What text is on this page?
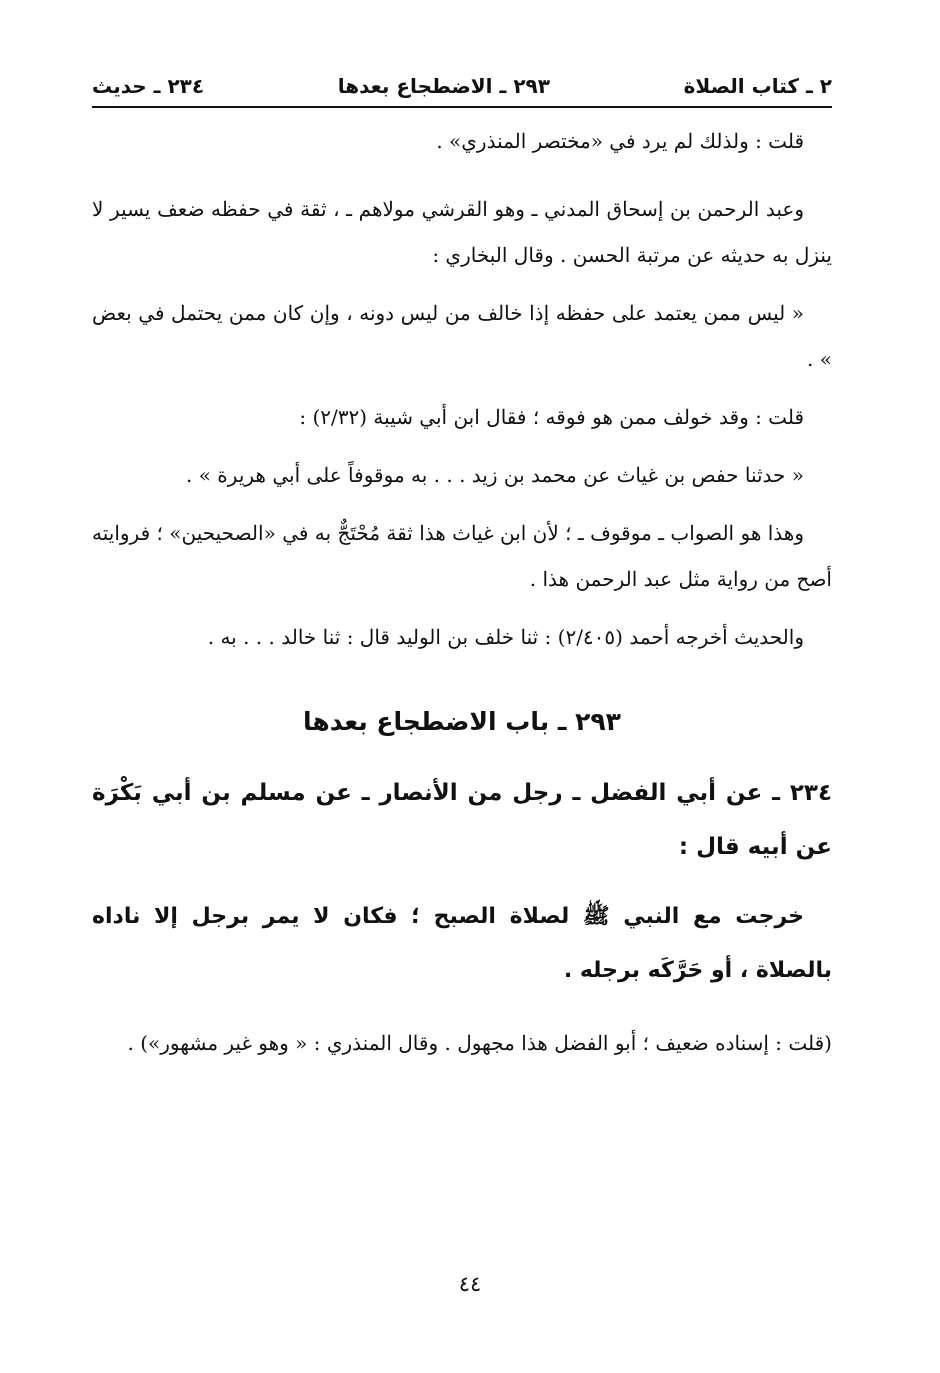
٢ ـ كتاب الصلاة
٢٩٣ ـ الاضطجاع بعدها
٢٣٤ ـ حديث

قلت : ولذلك لم يرد في «مختصر المنذري» .

وعبد الرحمن بن إسحاق المدني ـ وهو القرشي مولاهم ـ ، ثقة في حفظه ضعف يسير لا ينزل به حديثه عن مرتبة الحسن . وقال البخاري :

« ليس ممن يعتمد على حفظه إذا خالف من ليس دونه ، وإن كان ممن يحتمل في بعض » .

قلت : وقد خولف ممن هو فوقه ؛ فقال ابن أبي شيبة (٢/٣٢) :

« حدثنا حفص بن غياث عن محمد بن زيد . . . به موقوفاً على أبي هريرة » .

وهذا هو الصواب ـ موقوف ـ ؛ لأن ابن غياث هذا ثقة مُحْتَجٌّ به في «الصحيحين» ؛ فروايته أصح من رواية مثل عبد الرحمن هذا .

والحديث أخرجه أحمد (٢/٤٠٥) : ثنا خلف بن الوليد قال : ثنا خالد . . . به .

٢٩٣ ـ باب الاضطجاع بعدها

٢٣٤ ـ عن أبي الفضل ـ رجل من الأنصار ـ عن مسلم بن أبي بَكْرَة عن أبيه قال :

خرجت مع النبي ﷺ لصلاة الصبح ؛ فكان لا يمر برجل إلا ناداه بالصلاة ، أو حَرَّكَه برجله .

(قلت : إسناده ضعيف ؛ أبو الفضل هذا مجهول . وقال المنذري : « وهو غير مشهور») .

٤٤
